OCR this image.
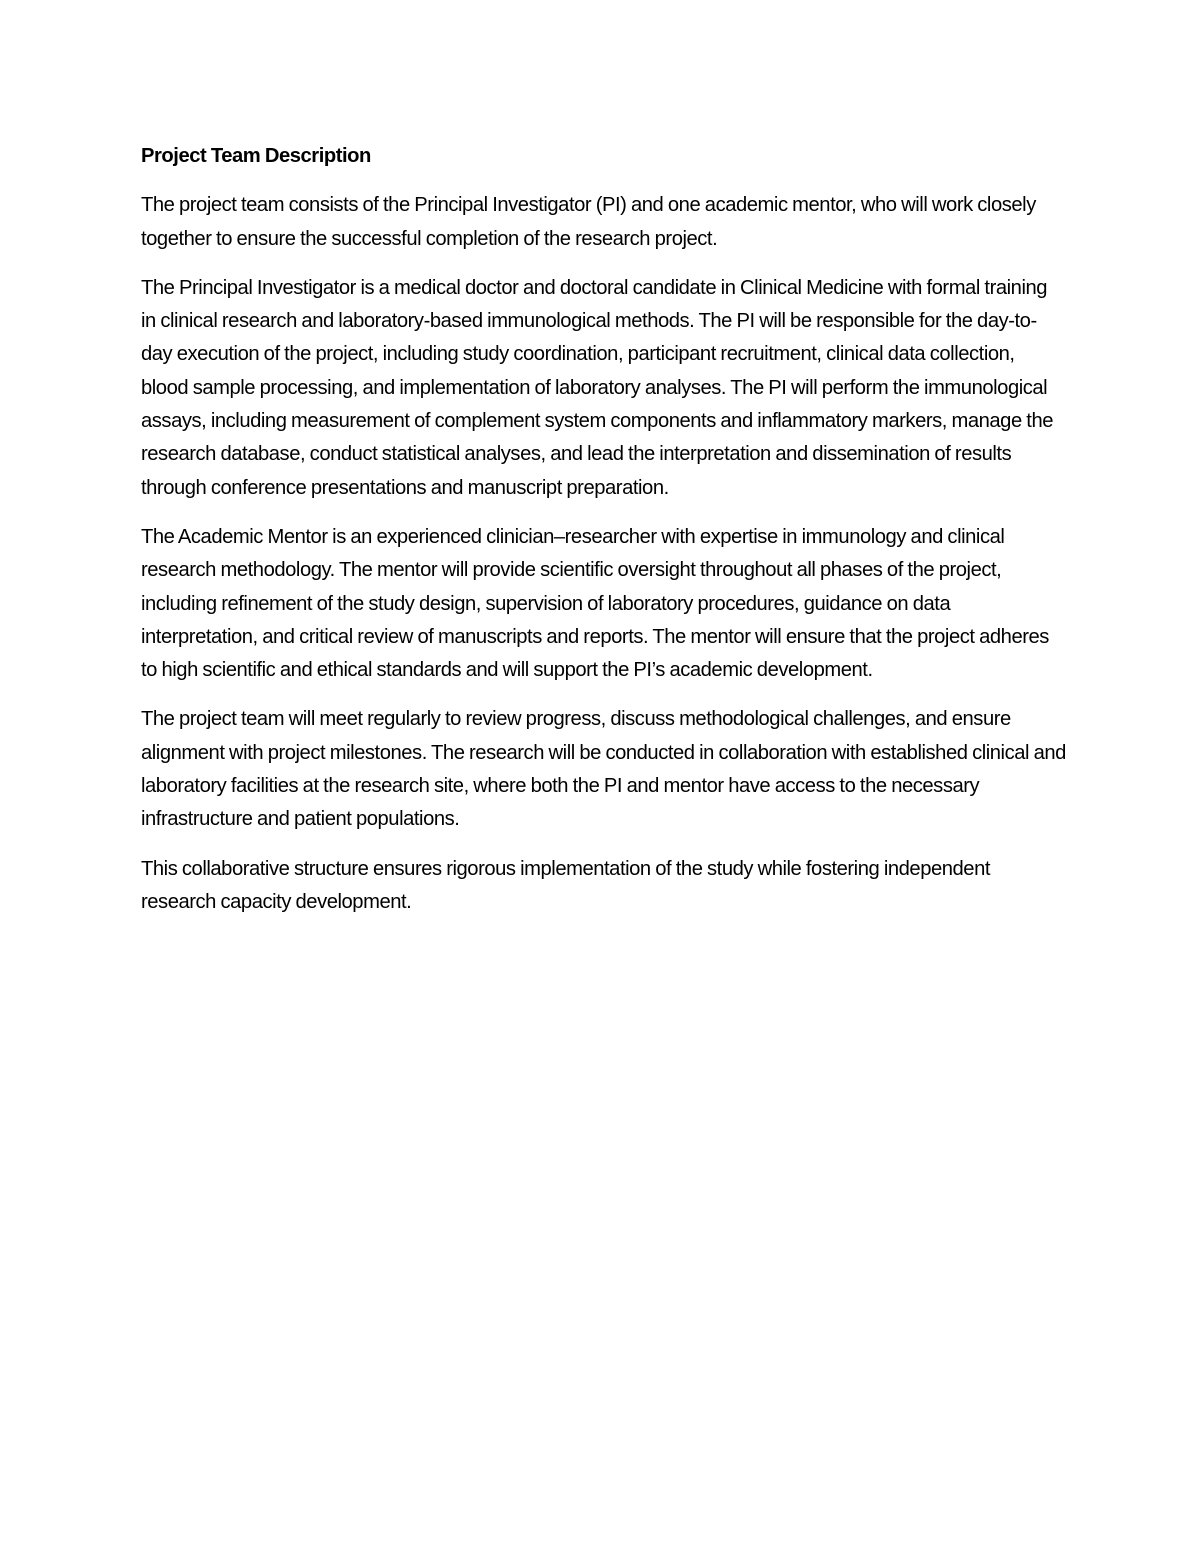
Project Team Description

The project team consists of the Principal Investigator (PI) and one academic mentor, who will work closely together to ensure the successful completion of the research project.

The Principal Investigator is a medical doctor and doctoral candidate in Clinical Medicine with formal training in clinical research and laboratory-based immunological methods. The PI will be responsible for the day-to-day execution of the project, including study coordination, participant recruitment, clinical data collection, blood sample processing, and implementation of laboratory analyses. The PI will perform the immunological assays, including measurement of complement system components and inflammatory markers, manage the research database, conduct statistical analyses, and lead the interpretation and dissemination of results through conference presentations and manuscript preparation.

The Academic Mentor is an experienced clinician–researcher with expertise in immunology and clinical research methodology. The mentor will provide scientific oversight throughout all phases of the project, including refinement of the study design, supervision of laboratory procedures, guidance on data interpretation, and critical review of manuscripts and reports. The mentor will ensure that the project adheres to high scientific and ethical standards and will support the PI’s academic development.

The project team will meet regularly to review progress, discuss methodological challenges, and ensure alignment with project milestones. The research will be conducted in collaboration with established clinical and laboratory facilities at the research site, where both the PI and mentor have access to the necessary infrastructure and patient populations.

This collaborative structure ensures rigorous implementation of the study while fostering independent research capacity development.
